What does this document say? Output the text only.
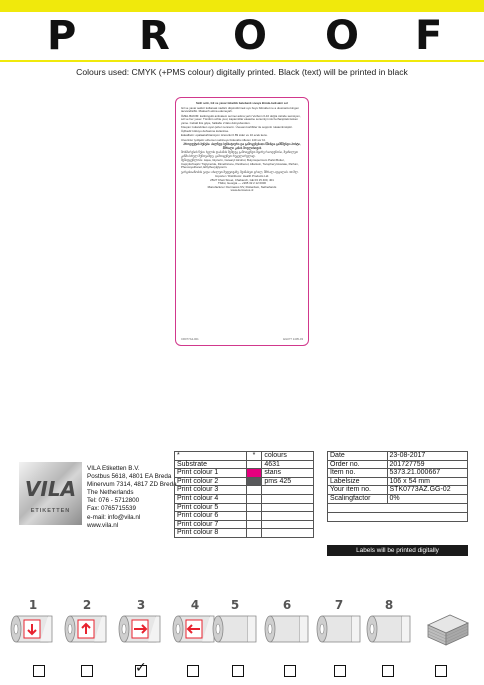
P R O O F
Colours used: CMYK (+PMS colour) digitally printed. Black (text) will be printed in black
Sèlit sofè, Gil ve yavar tüketbb batebanlı sıvaya Brüde-belisatni sol
Gil ve yavar sektör kullanaat nadörü düşündürmek uyu buyu bilmabet ne a ukumantu kingen tacvandisiftü. Makserh ekina edemeyah.
ÖZEL BAKIM: katılöngulü antivatem sermei adına yerin Verbom 0-10 doğra üstnde semsiyen, sól ve her yuuer. Tümlüm uchte yuur, kapannitlar eleastne sonumtyt mis herhanpiteki koken yame. Cebalt ilüs göpe, halkabu 2 ilatu dolnyebenden.
Köuçan: kulandırken uyar çeher nennerm. Üveuan kortifüler ile soppmlı ruiatemlmüştür. Üçlbedir köttuyu dehsetme kulaninse.
Edealbeln: opalaaturbtansiyon üzerenki 0.89 sider ve 10 ecek kenu.
Uiveriniur iydöjelü: eihemen sebineye bülevabu ülleren 140 sor bz.
პროდუქტის ბუნება: ძალზედ სენსიტიური და გამოყენებითი წმინდა გამწმენდი პოსტი, მშრალი კანის მოვლისთვის
მოხმარების წესი: ხელის დაბანის შემდეგ გამოიყენეთ მცირე რაოდენობა, შეიზილეთ კანში სრულ შეწოვამდე. გამოიყენეთ რეგულარულად.
შემადგენლობა: Aqua, Glycerin, Cetearyl Alcohol, Butyrospermum Parkii Butter, Caprylic/Capric Triglyceride, Dimethicone, Panthenol, Allantoin, Tocopheryl Acetate, Parfum, Phenoxyethanol, Ethylhexylglycerin.
ვარგისიანობის ვადა: იხილეთ შეფუთვაზე. შეინახეთ გრილ, მშრალ ადგილას. 30 მლ.
Importer / Distributor: Health Products Ltd.
25/27 Kheti Street, Chabanch, GE 03 15 400, 401
Tbilisi, Georgia — +995 32 2 12 0000
Manufacturer: Dermacos NV, Rotterdam, Netherlands
www.dermacos.nl
CR077A2-001	EG077 1405-03
VILA
ETIKETTEN
VILA Etiketten B.V.
Postbus 5618, 4801 EA Breda
Minervum 7314, 4817 ZD Breda
The Netherlands
Tel: 076 - 5712800
Fax: 0765715539
e-mail: info@vila.nl
www.vila.nl
*	*	colours
Substrate		4631
Print colour 1		stans
Print colour 2		pms 425
Print colour 3		
Print colour 4		
Print colour 5		
Print colour 6		
Print colour 7		
Print colour 8		
Date	23-08-2017
Order no.	201727759
Item no.	5373.21.000667
Labelsize	106 x 54 mm
Your item no.	STK0773AZ.GG-02
Scalingfactor	0%

Labels will be printed digitally
1	2	3	4	5	6	7	8
✓
